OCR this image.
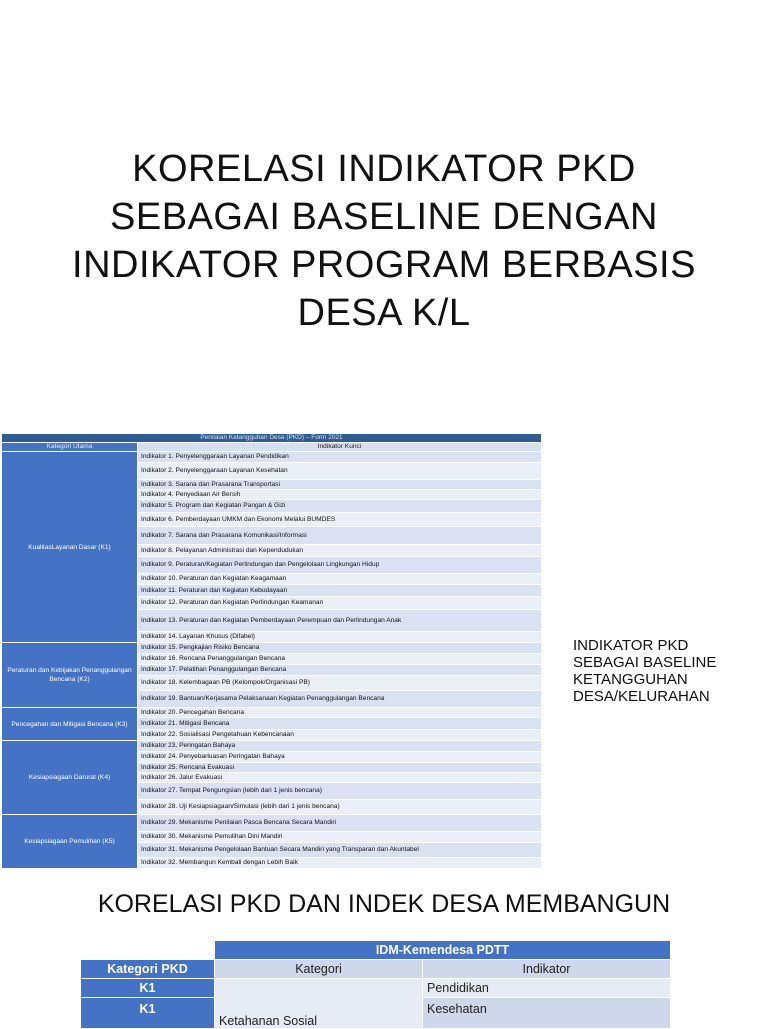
KORELASI INDIKATOR PKD
SEBAGAI BASELINE DENGAN
INDIKATOR PROGRAM BERBASIS
DESA K/L
Penilaian Ketangguhan Desa (PKD) – Form 2021	
Kategori Utama	Indikator Kunci
KualitasLayanan Dasar (K1)	Indikator 1. Penyelenggaraan Layanan Pendidikan
	Indikator 2. Penyelenggaraan Layanan Kesehatan
	Indikator 3. Sarana dan Prasarana Transportasi
	Indikator 4. Penyediaan Air Bersih
	Indikator 5. Program dan Kegiatan Pangan & Gizi
	Indikator 6. Pemberdayaan UMKM dan Ekonomi Melalui BUMDES
	Indikator 7. Sarana dan Prasarana Komunikasi/Informasi
	Indikator 8. Pelayanan Administrasi dan Kependudukan
	Indikator 9. Peraturan/Kegiatan Perlindungan dan Pengelolaan Lingkungan Hidup
	Indikator 10. Peraturan dan Kegiatan Keagamaan
	Indikator 11. Peraturan dan Kegiatan Kebudayaan
	Indikator 12. Peraturan dan Kegiatan Perlindungan Keamanan
	Indikator 13. Peraturan dan Kegiatan Pemberdayaan Perempuan dan Perlindungan Anak
	Indikator 14. Layanan Khusus (Difabel)
Peraturan dan Kebijakan Penanggulangan Bencana (K2)	Indikator 15. Pengkajian Risiko Bencana
	Indikator 16. Rencana Penanggulangan Bencana
	Indikator 17. Pelatihan Penanggulangan Bencana
	Indikator 18. Kelembagaan PB (Kelompok/Organisasi PB)
	Indikator 19. Bantuan/Kerjasama Pelaksanaan Kegiatan Penanggulangan Bencana
Pencegahan dan Mitigasi Bencana (K3)	Indikator 20. Pencegahan Bencana
	Indikator 21. Mitigasi Bencana
	Indikator 22. Sosialisasi Pengetahuan Kebencanaan
Kesiapsiagaan Darurat (K4)	Indikator 23. Peringatan Bahaya
	Indikator 24. Penyebarluasan Peringatan Bahaya
	Indikator 25. Rencana Evakuasi
	Indikator 26. Jalur Evakuasi
	Indikator 27. Tempat Pengungsian (lebih dari 1 jenis bencana)
	Indikator 28. Uji Kesiapsiagaan/Simulasi (lebih dari 1 jenis bencana)
Kesiapsiagaan Pemulihan (K5)	Indikator 29. Mekanisme Penilaian Pasca Bencana Secara Mandiri
	Indikator 30. Mekanisme Pemulihan Dini Mandiri
	Indikator 31. Mekanisme Pengelolaan Bantuan Secara Mandiri yang Transparan dan Akuntabel
	Indikator 32. Membangun Kembali dengan Lebih Baik
INDIKATOR PKD
SEBAGAI BASELINE
KETANGGUHAN
DESA/KELURAHAN
KORELASI PKD DAN INDEK DESA MEMBANGUN
	IDM-Kemendesa PDTT	
Kategori PKD	Kategori	Indikator
K1	Ketahanan Sosial	Pendidikan
K1		Kesehatan
